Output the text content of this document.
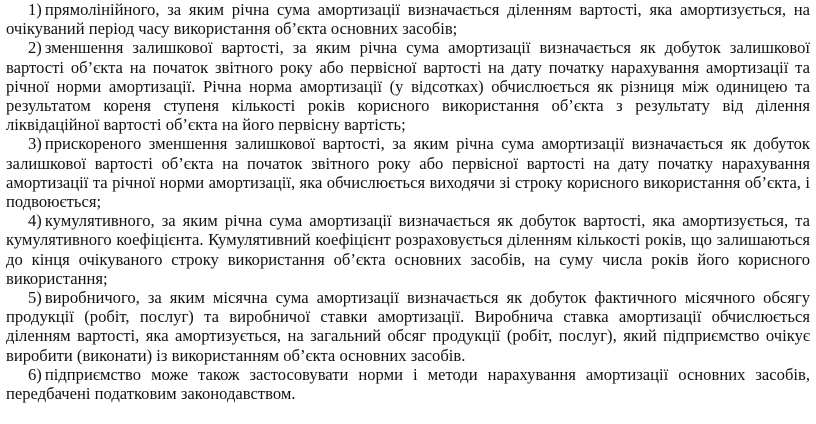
1) прямолінійного, за яким річна сума амортизації визначається діленням вартості, яка амортизується, на очікуваний період часу використання об’єкта основних засобів;

2) зменшення залишкової вартості, за яким річна сума амортизації визначається як добуток залишкової вартості об’єкта на початок звітного року або первісної вартості на дату початку нарахування амортизації та річної норми амортизації. Річна норма амортизації (у відсотках) обчислюється як різниця між одиницею та результатом кореня ступеня кількості років корисного використання об’єкта з результату від ділення ліквідаційної вартості об’єкта на його первісну вартість;

3) прискореного зменшення залишкової вартості, за яким річна сума амортизації визначається як добуток залишкової вартості об’єкта на початок звітного року або первісної вартості на дату початку нарахування амортизації та річної норми амортизації, яка обчислюється виходячи зі строку корисного використання об’єкта, і подвоюється;

4) кумулятивного, за яким річна сума амортизації визначається як добуток вартості, яка амортизується, та кумулятивного коефіцієнта. Кумулятивний коефіцієнт розраховується діленням кількості років, що залишаються до кінця очікуваного строку використання об’єкта основних засобів, на суму числа років його корисного використання;

5) виробничого, за яким місячна сума амортизації визначається як добуток фактичного місячного обсягу продукції (робіт, послуг) та виробничої ставки амортизації. Виробнича ставка амортизації обчислюється діленням вартості, яка амортизується, на загальний обсяг продукції (робіт, послуг), який підприємство очікує виробити (виконати) із використанням об’єкта основних засобів.

6) підприємство може також застосовувати норми і методи нарахування амортизації основних засобів, передбачені податковим законодавством.
